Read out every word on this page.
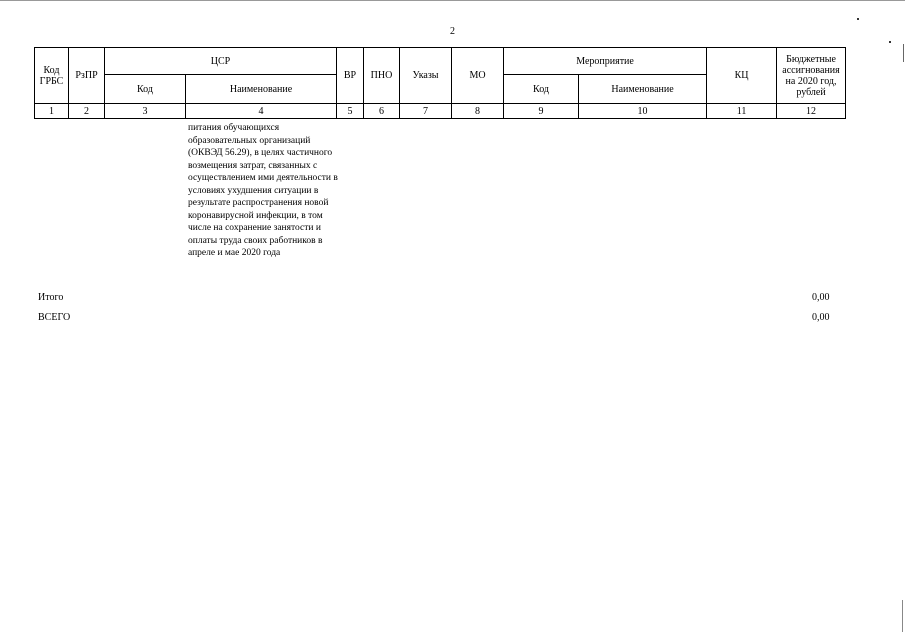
2
Код ГРБС	РзПР	ЦСР		ВР	ПНО	Указы	МО	Мероприятие		КЦ	Бюджетные ассигнования на 2020 год, рублей
		Код	Наименование					Код	Наименование		
1	2	3	4	5	6	7	8	9	10	11	12
питания обучающихся образовательных организаций (ОКВЭД 56.29), в целях частичного возмещения затрат, связанных с осуществлением ими деятельности в условиях ухудшения ситуации в результате распространения новой коронавирусной инфекции, в том числе на сохранение занятости и оплаты труда своих работников в апреле и мае 2020 года
Итого	0,00
ВСЕГО	0,00
